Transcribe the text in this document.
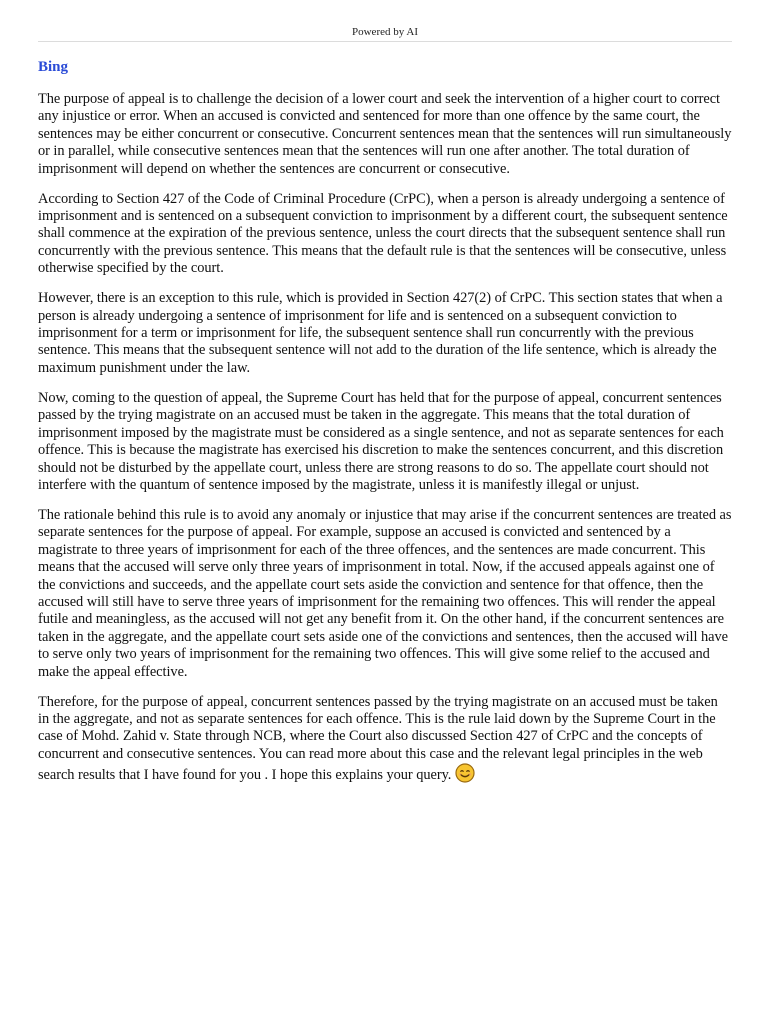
Powered by AI
Bing

The purpose of appeal is to challenge the decision of a lower court and seek the intervention of a higher court to correct any injustice or error. When an accused is convicted and sentenced for more than one offence by the same court, the sentences may be either concurrent or consecutive. Concurrent sentences mean that the sentences will run simultaneously or in parallel, while consecutive sentences mean that the sentences will run one after another. The total duration of imprisonment will depend on whether the sentences are concurrent or consecutive.

According to Section 427 of the Code of Criminal Procedure (CrPC), when a person is already undergoing a sentence of imprisonment and is sentenced on a subsequent conviction to imprisonment by a different court, the subsequent sentence shall commence at the expiration of the previous sentence, unless the court directs that the subsequent sentence shall run concurrently with the previous sentence. This means that the default rule is that the sentences will be consecutive, unless otherwise specified by the court.

However, there is an exception to this rule, which is provided in Section 427(2) of CrPC. This section states that when a person is already undergoing a sentence of imprisonment for life and is sentenced on a subsequent conviction to imprisonment for a term or imprisonment for life, the subsequent sentence shall run concurrently with the previous sentence. This means that the subsequent sentence will not add to the duration of the life sentence, which is already the maximum punishment under the law.

Now, coming to the question of appeal, the Supreme Court has held that for the purpose of appeal, concurrent sentences passed by the trying magistrate on an accused must be taken in the aggregate. This means that the total duration of imprisonment imposed by the magistrate must be considered as a single sentence, and not as separate sentences for each offence. This is because the magistrate has exercised his discretion to make the sentences concurrent, and this discretion should not be disturbed by the appellate court, unless there are strong reasons to do so. The appellate court should not interfere with the quantum of sentence imposed by the magistrate, unless it is manifestly illegal or unjust.

The rationale behind this rule is to avoid any anomaly or injustice that may arise if the concurrent sentences are treated as separate sentences for the purpose of appeal. For example, suppose an accused is convicted and sentenced by a magistrate to three years of imprisonment for each of the three offences, and the sentences are made concurrent. This means that the accused will serve only three years of imprisonment in total. Now, if the accused appeals against one of the convictions and succeeds, and the appellate court sets aside the conviction and sentence for that offence, then the accused will still have to serve three years of imprisonment for the remaining two offences. This will render the appeal futile and meaningless, as the accused will not get any benefit from it. On the other hand, if the concurrent sentences are taken in the aggregate, and the appellate court sets aside one of the convictions and sentences, then the accused will have to serve only two years of imprisonment for the remaining two offences. This will give some relief to the accused and make the appeal effective.

Therefore, for the purpose of appeal, concurrent sentences passed by the trying magistrate on an accused must be taken in the aggregate, and not as separate sentences for each offence. This is the rule laid down by the Supreme Court in the case of Mohd. Zahid v. State through NCB, where the Court also discussed Section 427 of CrPC and the concepts of concurrent and consecutive sentences. You can read more about this case and the relevant legal principles in the web search results that I have found for you . I hope this explains your query.
